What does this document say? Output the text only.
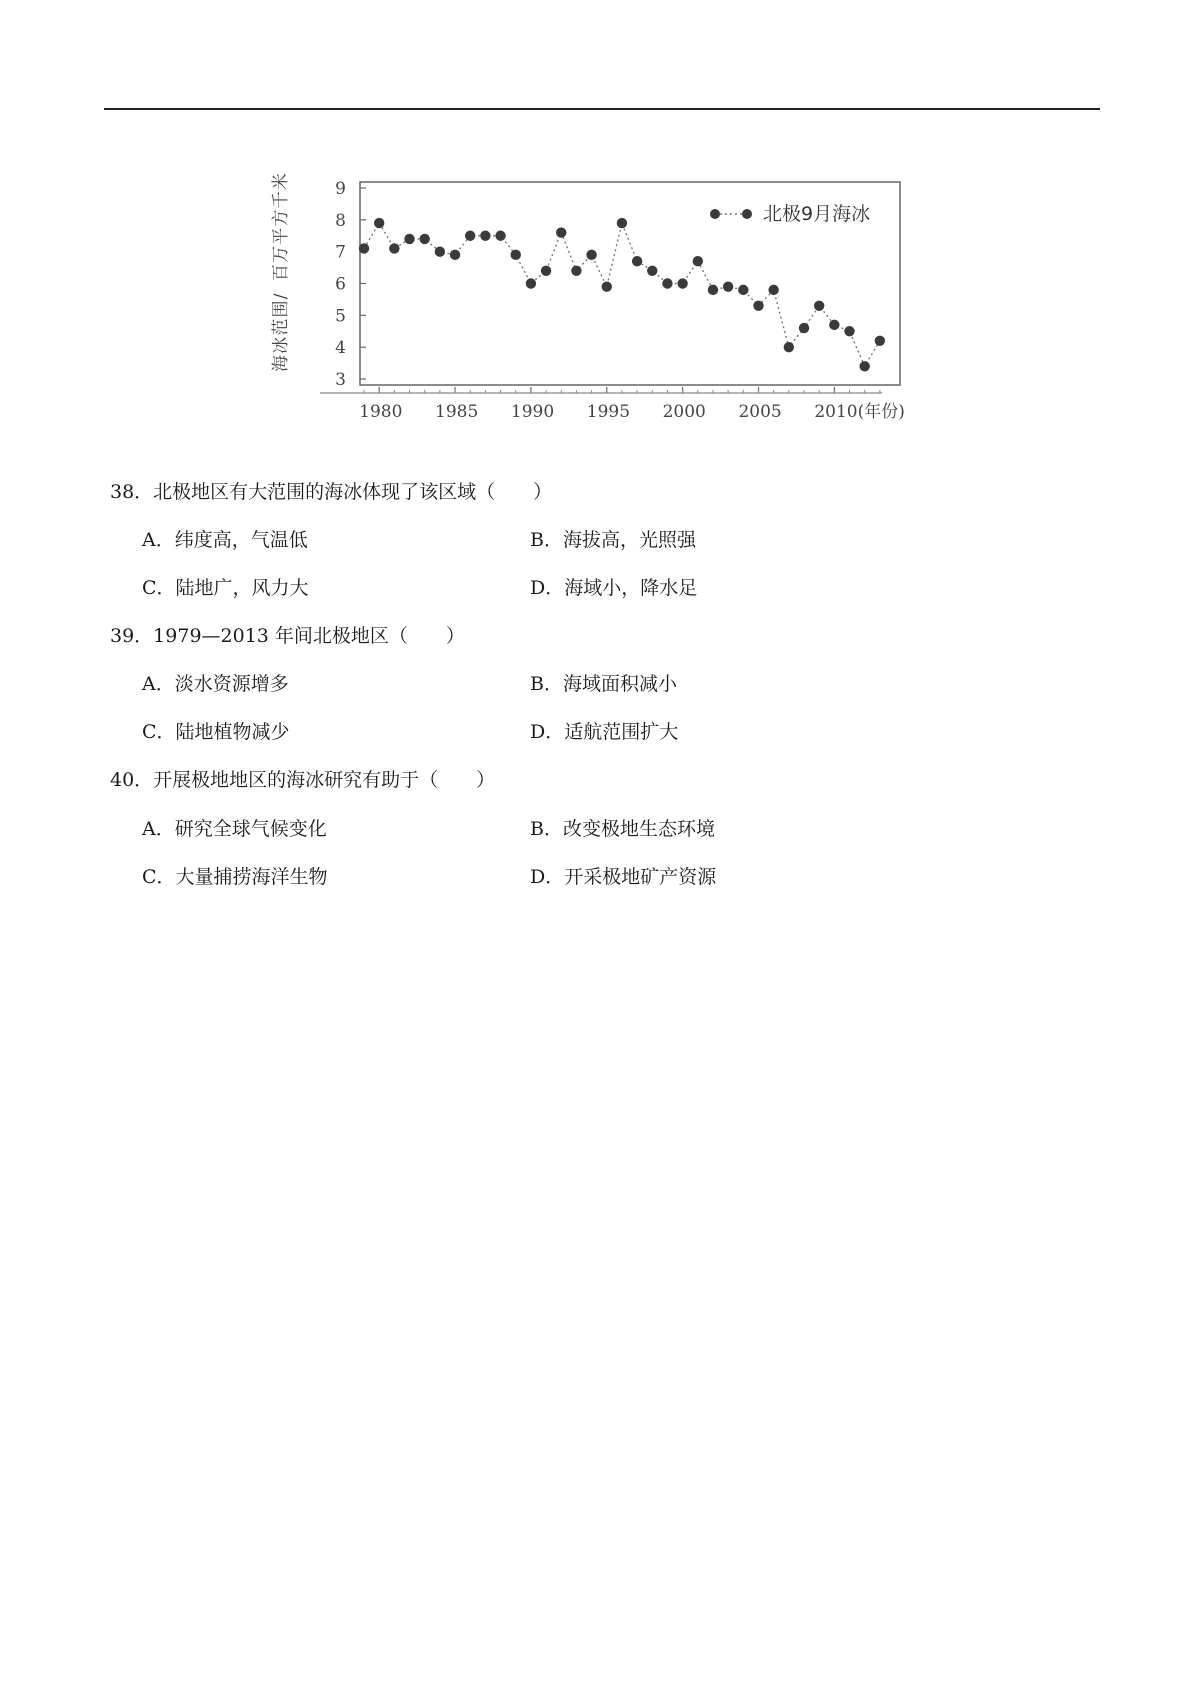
3
4
5
6
7
8
9
1980 1985 1990 1995 2000 2005 2010(年份)
海
冰
范
围
/
百
万
平
方
千
米
北极9月海冰
38．北极地区有大范围的海冰体现了该区域（　　）
A．纬度高，气温低	B．海拔高，光照强
C．陆地广，风力大	D．海域小，降水足
39．1979—2013 年间北极地区（　　）
A．淡水资源增多	B．海域面积减小
C．陆地植物减少	D．适航范围扩大
40．开展极地地区的海冰研究有助于（　　）
A．研究全球气候变化	B．改变极地生态环境
C．大量捕捞海洋生物	D．开采极地矿产资源
